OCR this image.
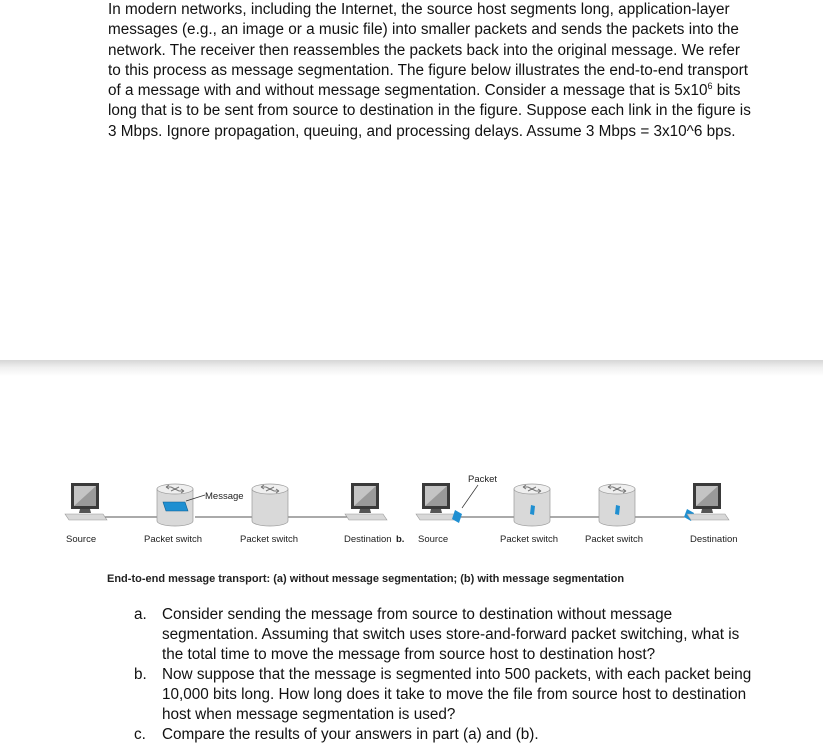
In modern networks, including the Internet, the source host segments long, application-layer messages (e.g., an image or a music file) into smaller packets and sends the packets into the network. The receiver then reassembles the packets back into the original message. We refer to this process as message segmentation. The figure below illustrates the end-to-end transport of a message with and without message segmentation. Consider a message that is $5x10^6$ bits long that is to be sent from source to destination in the figure. Suppose each link in the figure is 3 Mbps. Ignore propagation, queuing, and processing delays. Assume 3 Mbps = 3x10^6 bps.

Message
Packet
Source	Packet switch	Packet switch	Destination b. Source	Packet switch	Packet switch	Destination
End-to-end message transport: (a) without message segmentation; (b) with message segmentation
a. Consider sending the message from source to destination without message segmentation. Assuming that switch uses store-and-forward packet switching, what is the total time to move the message from source host to destination host?
b. Now suppose that the message is segmented into 500 packets, with each packet being 10,000 bits long. How long does it take to move the file from source host to destination host when message segmentation is used?
c. Compare the results of your answers in part (a) and (b).
